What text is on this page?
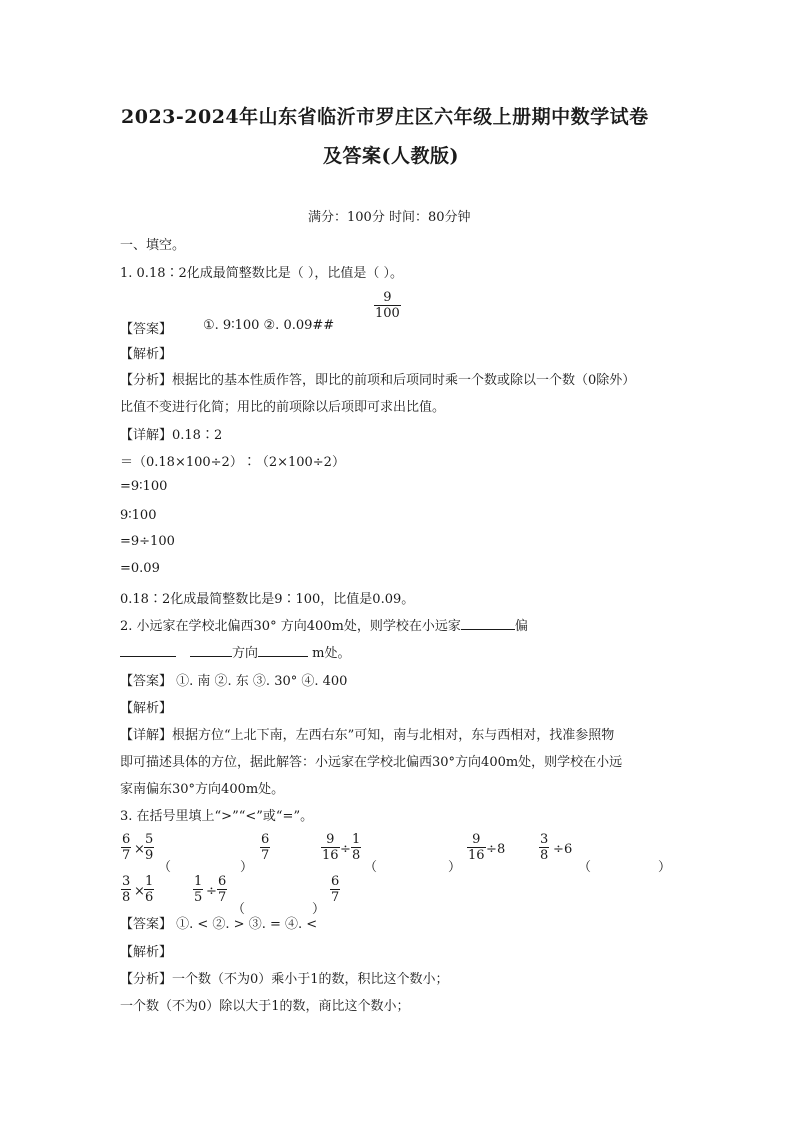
2023-2024年山东省临沂市罗庄区六年级上册期中数学试卷
及答案(人教版)
满分：100分 时间：80分钟
一、填空。
1. 0.18∶2化成最简整数比是（ ），比值是（ ）。
【答案】 ①. 9∶100 ②. 0.09##
$\frac{9}{100}$
【解析】
【分析】根据比的基本性质作答，即比的前项和后项同时乘一个数或除以一个数（0除外）
比值不变进行化简；用比的前项除以后项即可求出比值。
【详解】0.18∶2
＝（0.18×100÷2）∶（2×100÷2）
=9∶100
9∶100
=9÷100
=0.09
0.18∶2化成最简整数比是9∶100，比值是0.09。
2. 小远家在学校北偏西30° 方向400m处，则学校在小远家	偏
方向	m处。
【答案】 ①. 南 ②. 东 ③. 30° ④. 400
【解析】
【详解】根据方位“上北下南，左西右东”可知，南与北相对，东与西相对，找准参照物
即可描述具体的方位，据此解答：小远家在学校北偏西30°方向400m处，则学校在小远
家南偏东30°方向400m处。
3. 在括号里填上“>”“<”或“=”。
$\frac{6}{7} \times \frac{5}{9}$
（	）
$\frac{6}{7}$	$\frac{9}{16} \div \frac{1}{8}$
（	）
$\frac{9}{16} \div 8$	$\frac{3}{8} \div 6$
（	）
$\frac{3}{8} \times \frac{1}{6}$	$\frac{1}{5} \div \frac{6}{7}$
（	）
$\frac{6}{7}$
【答案】 ①. < ②. > ③. = ④. <
【解析】
【分析】一个数（不为0）乘小于1的数，积比这个数小；
一个数（不为0）除以大于1的数，商比这个数小；
